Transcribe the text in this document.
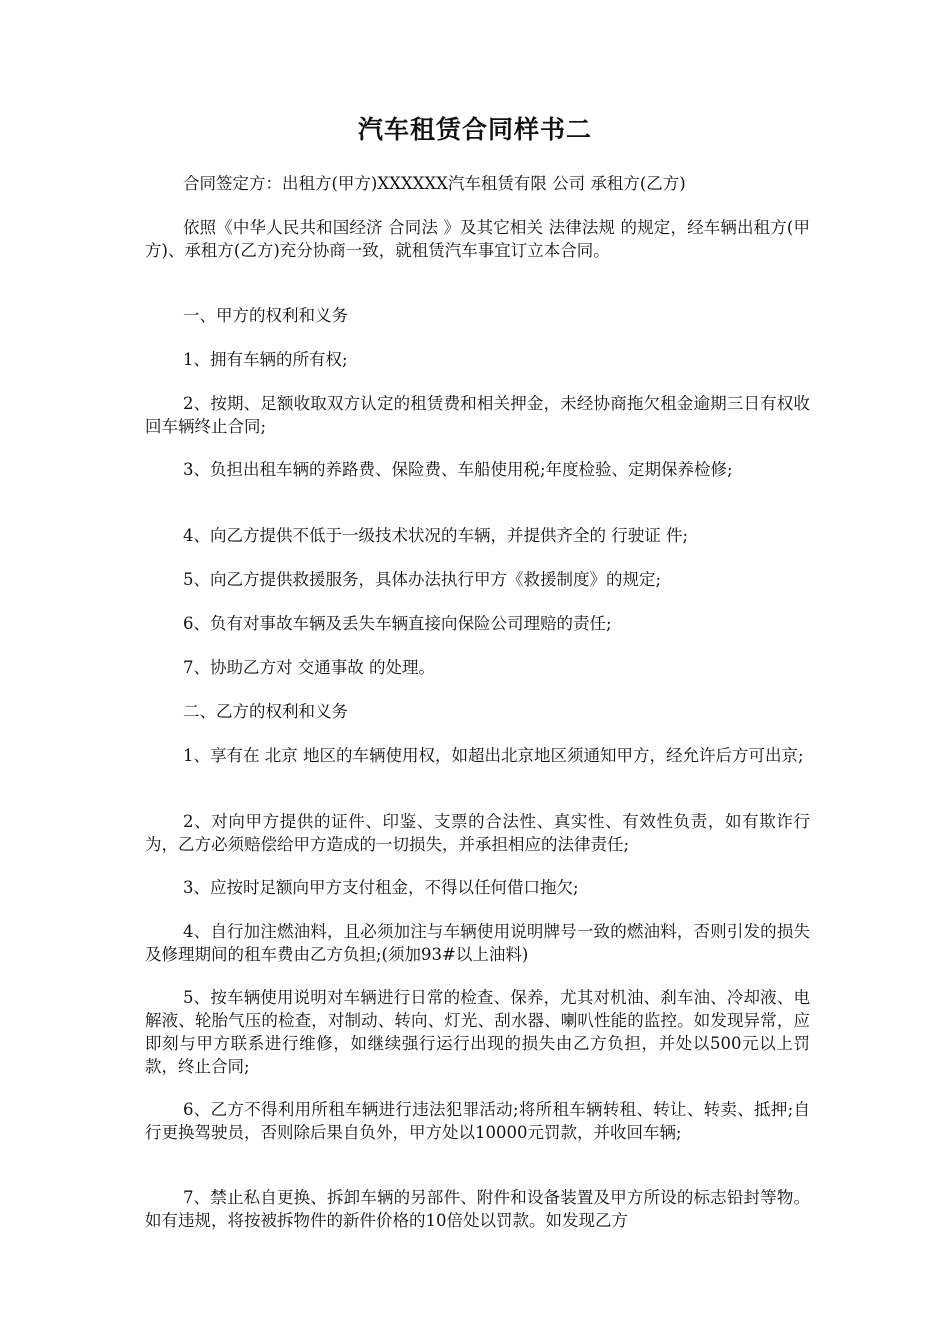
汽车租赁合同样书二

合同签定方：出租方(甲方)XXXXXX汽车租赁有限 公司 承租方(乙方)

依照《中华人民共和国经济 合同法 》及其它相关 法律法规 的规定，经车辆出租方(甲方)、承租方(乙方)充分协商一致，就租赁汽车事宜订立本合同。

一、甲方的权利和义务

1、拥有车辆的所有权;

2、按期、足额收取双方认定的租赁费和相关押金，未经协商拖欠租金逾期三日有权收回车辆终止合同;

3、负担出租车辆的养路费、保险费、车船使用税;年度检验、定期保养检修;

4、向乙方提供不低于一级技术状况的车辆，并提供齐全的 行驶证 件;

5、向乙方提供救援服务，具体办法执行甲方《救援制度》的规定;

6、负有对事故车辆及丢失车辆直接向保险公司理赔的责任;

7、协助乙方对 交通事故 的处理。

二、乙方的权利和义务

1、享有在 北京 地区的车辆使用权，如超出北京地区须通知甲方，经允许后方可出京;

2、对向甲方提供的证件、印鉴、支票的合法性、真实性、有效性负责，如有欺诈行为，乙方必须赔偿给甲方造成的一切损失，并承担相应的法律责任;

3、应按时足额向甲方支付租金，不得以任何借口拖欠;

4、自行加注燃油料，且必须加注与车辆使用说明牌号一致的燃油料，否则引发的损失及修理期间的租车费由乙方负担;(须加93#以上油料)

5、按车辆使用说明对车辆进行日常的检查、保养，尤其对机油、刹车油、冷却液、电解液、轮胎气压的检查，对制动、转向、灯光、刮水器、喇叭性能的监控。如发现异常，应即刻与甲方联系进行维修，如继续强行运行出现的损失由乙方负担，并处以500元以上罚款，终止合同;

6、乙方不得利用所租车辆进行违法犯罪活动;将所租车辆转租、转让、转卖、抵押;自行更换驾驶员，否则除后果自负外，甲方处以10000元罚款，并收回车辆;

7、禁止私自更换、拆卸车辆的另部件、附件和设备装置及甲方所设的标志铅封等物。如有违规，将按被拆物件的新件价格的10倍处以罚款。如发现乙方
